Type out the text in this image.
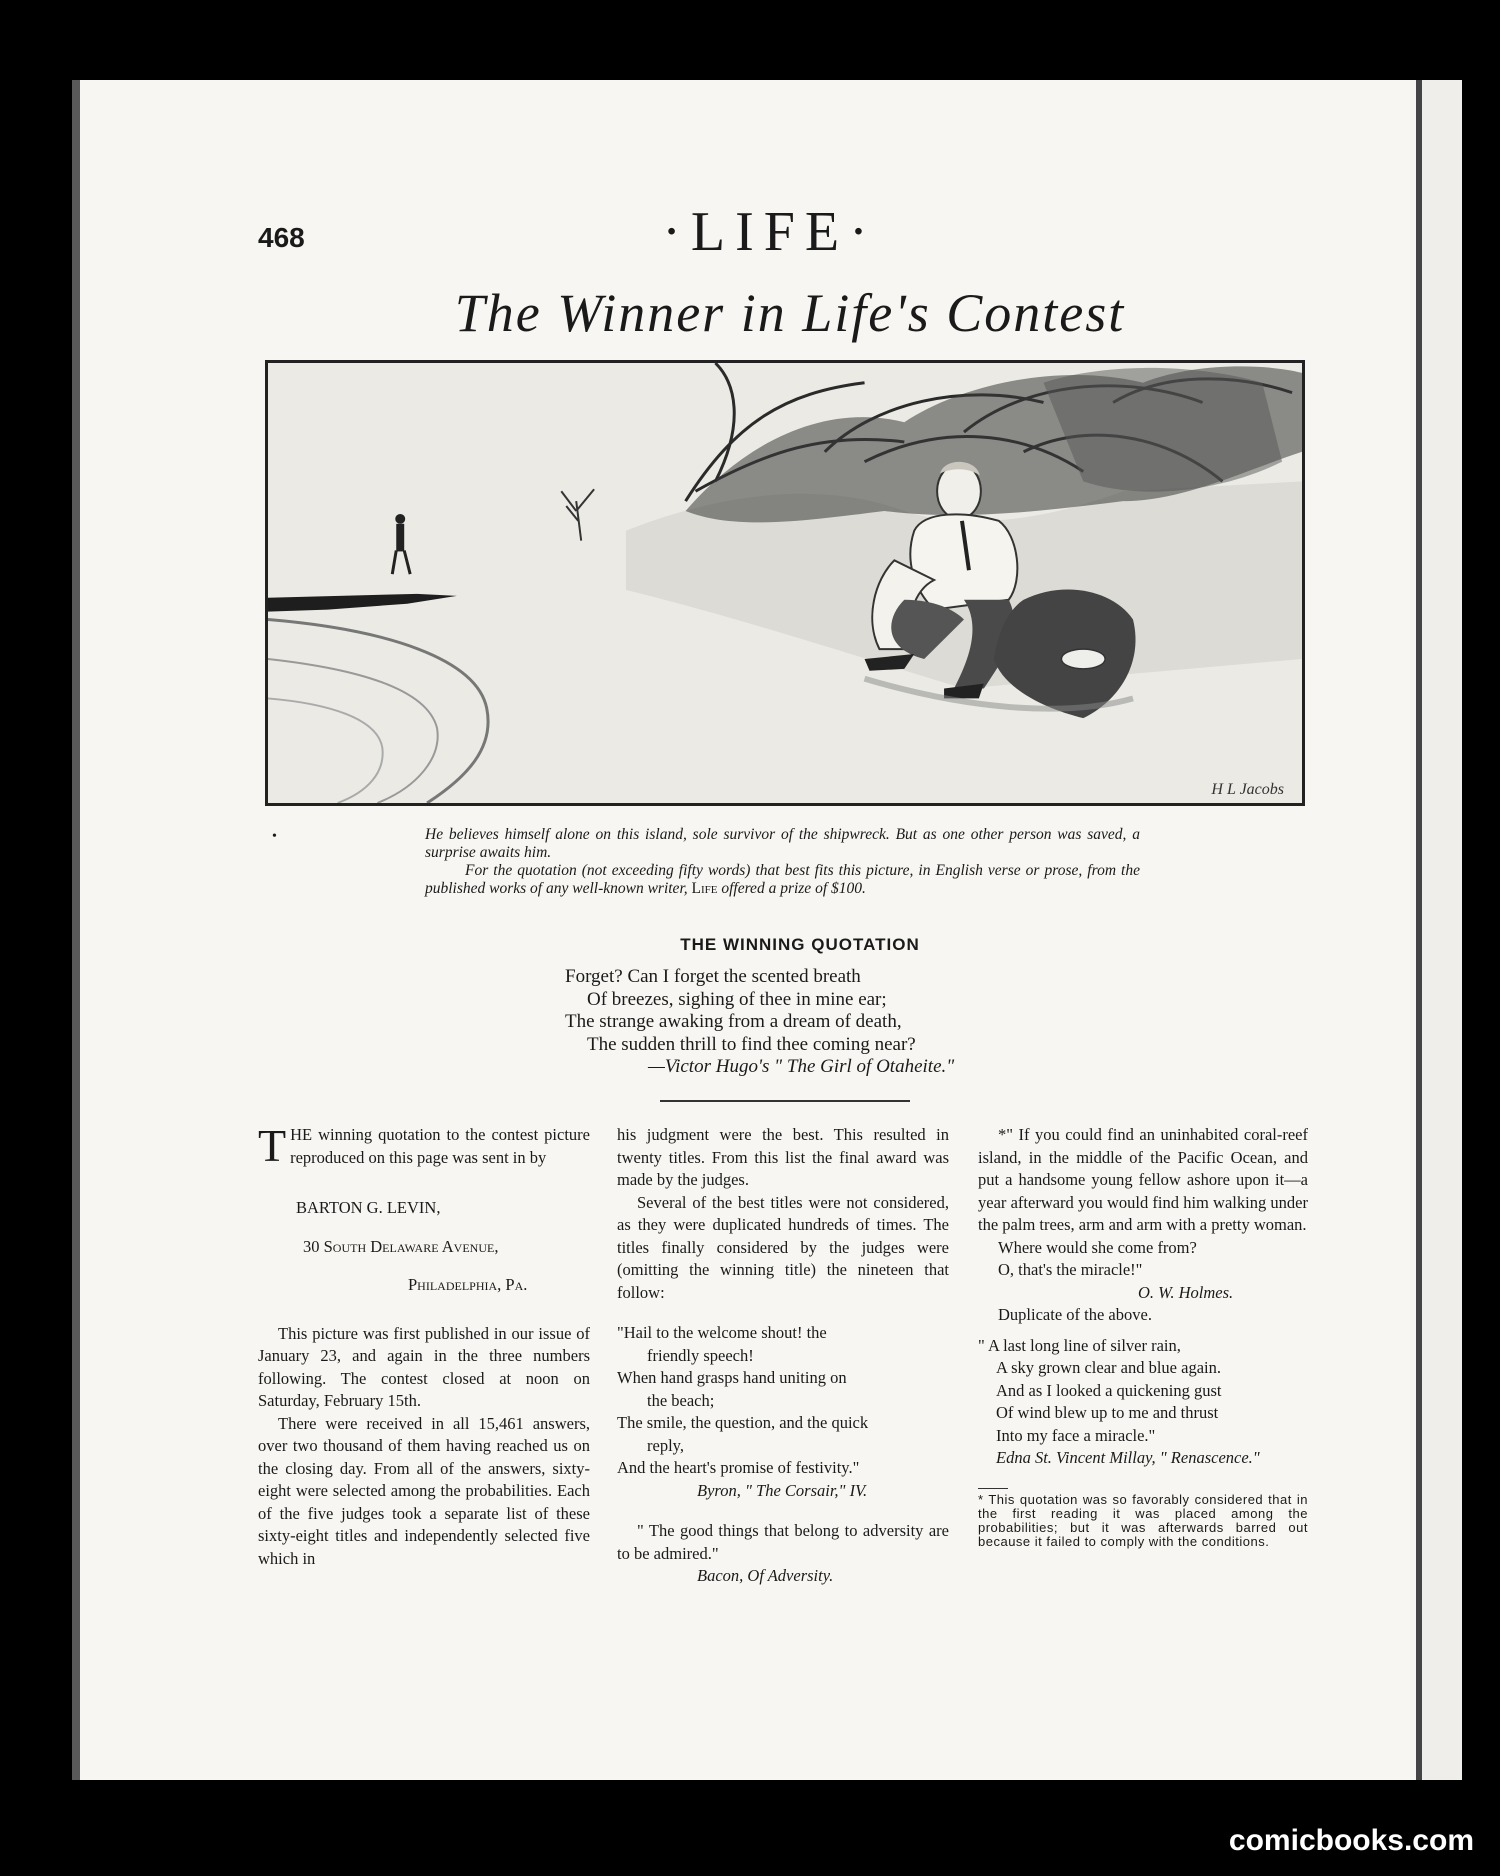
468	·LIFE·
The Winner in Life's Contest
H L Jacobs
•	He believes himself alone on this island, sole survivor of the shipwreck. But as one other person was saved, a surprise awaits him.

For the quotation (not exceeding fifty words) that best fits this picture, in English verse or prose, from the published works of any well-known writer, Life offered a prize of $100.

THE WINNING QUOTATION
Forget? Can I forget the scented breath
Of breezes, sighing of thee in mine ear;
The strange awaking from a dream of death,
The sudden thrill to find thee coming near?
—Victor Hugo's " The Girl of Otaheite."

THE winning quotation to the contest picture reproduced on this page was sent in by

BARTON G. LEVIN,
30 South Delaware Avenue,
Philadelphia, Pa.

This picture was first published in our issue of January 23, and again in the three numbers following. The contest closed at noon on Saturday, February 15th.

There were received in all 15,461 answers, over two thousand of them having reached us on the closing day. From all of the answers, sixty-eight were selected among the probabilities. Each of the five judges took a separate list of these sixty-eight titles and independently selected five which in

his judgment were the best. This resulted in twenty titles. From this list the final award was made by the judges.

Several of the best titles were not considered, as they were duplicated hundreds of times. The titles finally considered by the judges were (omitting the winning title) the nineteen that follow:

"Hail to the welcome shout! the
friendly speech!
When hand grasps hand uniting on
the beach;
The smile, the question, and the quick
reply,
And the heart's promise of festivity."
Byron, " The Corsair," IV.

" The good things that belong to adversity are to be admired."

Bacon, Of Adversity.

*" If you could find an uninhabited coral-reef island, in the middle of the Pacific Ocean, and put a handsome young fellow ashore upon it—a year afterward you would find him walking under the palm trees, arm and arm with a pretty woman.

Where would she come from?
O, that's the miracle!"
O. W. Holmes.
Duplicate of the above.
" A last long line of silver rain,
A sky grown clear and blue again.
And as I looked a quickening gust
Of wind blew up to me and thrust
Into my face a miracle."
Edna St. Vincent Millay, " Renascence."

* This quotation was so favorably considered that in the first reading it was placed among the probabilities; but it was afterwards barred out because it failed to comply with the conditions.

comicbooks.com
